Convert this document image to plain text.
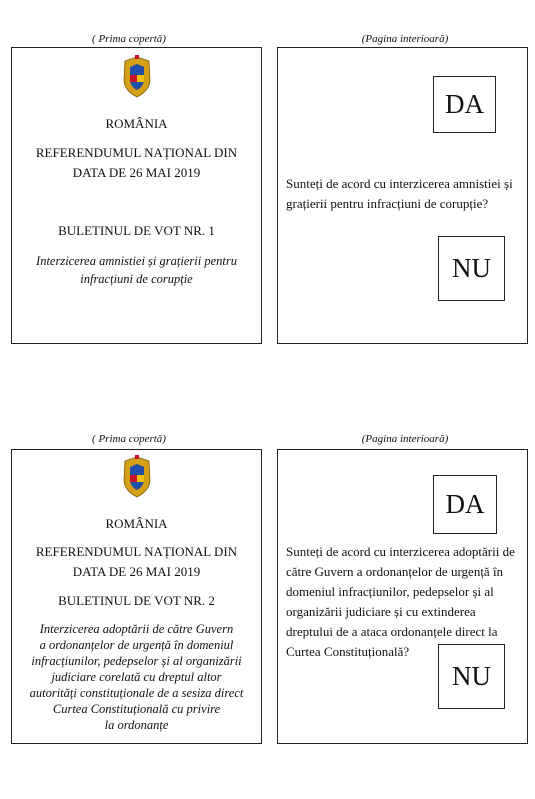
( Prima copertă)	(Pagina interioară)
ROMÂNIA
REFERENDUMUL NAȚIONAL DIN
DATA DE 26 MAI 2019
BULETINUL DE VOT NR. 1
Interzicerea amnistiei și grațierii pentru
infracțiuni de corupție
DA
Sunteți de acord cu interzicerea amnistiei și
grațierii pentru infracțiuni de corupție?
NU
( Prima copertă)	(Pagina interioară)
ROMÂNIA
REFERENDUMUL NAȚIONAL DIN
DATA DE 26 MAI 2019
BULETINUL DE VOT NR. 2
Interzicerea adoptării de către Guvern
a ordonanțelor de urgență în domeniul
infracțiunilor, pedepselor și al organizării
judiciare corelată cu dreptul altor
autorități constituționale de a sesiza direct
Curtea Constituțională cu privire
la ordonanțe
DA
Sunteți de acord cu interzicerea adoptării de
către Guvern a ordonanțelor de urgență în
domeniul infracțiunilor, pedepselor și al
organizării judiciare și cu extinderea
dreptului de a ataca ordonanțele direct la
Curtea Constituțională?
NU
